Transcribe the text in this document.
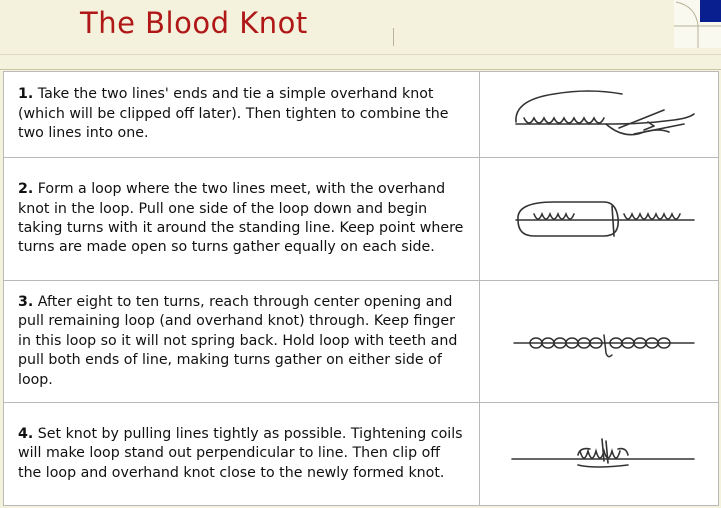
The Blood Knot

1. Take the two lines' ends and tie a simple overhand knot (which will be clipped off later). Then tighten to combine the two lines into one.

2. Form a loop where the two lines meet, with the overhand knot in the loop. Pull one side of the loop down and begin taking turns with it around the standing line. Keep point where turns are made open so turns gather equally on each side.

3. After eight to ten turns, reach through center opening and pull remaining loop (and overhand knot) through. Keep finger in this loop so it will not spring back. Hold loop with teeth and pull both ends of line, making turns gather on either side of loop.

4. Set knot by pulling lines tightly as possible. Tightening coils will make loop stand out perpendicular to line. Then clip off the loop and overhand knot close to the newly formed knot.
